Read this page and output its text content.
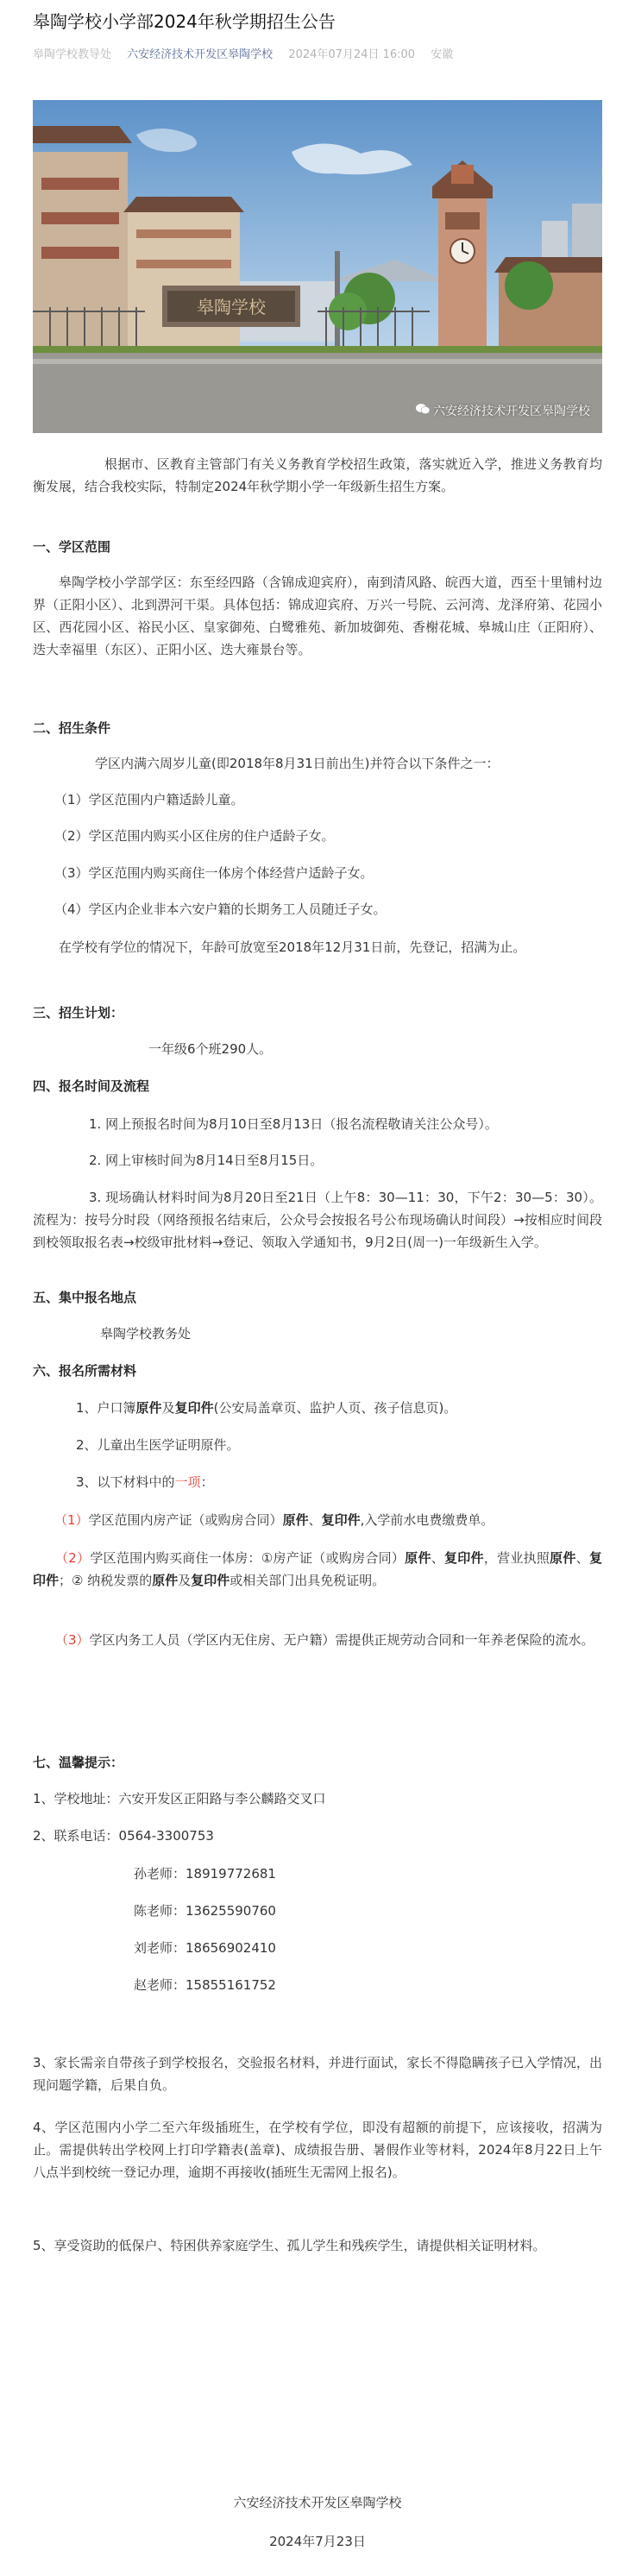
皋陶学校小学部2024年秋学期招生公告
皋陶学校教导处 六安经济技术开发区皋陶学校 2024年07月24日 16:00 安徽
皋陶学校
六安经济技术开发区皋陶学校

根据市、区教育主管部门有关义务教育学校招生政策，落实就近入学，推进义务教育均衡发展，结合我校实际，特制定2024年秋学期小学一年级新生招生方案。

一、学区范围

皋陶学校小学部学区：东至经四路（含锦成迎宾府），南到清风路、皖西大道，西至十里铺村边界（正阳小区）、北到淠河干渠。具体包括：锦成迎宾府、万兴一号院、云河湾、龙泽府第、花园小区、西花园小区、裕民小区、皇家御苑、白鹭雅苑、新加坡御苑、香榭花城、皋城山庄（正阳府）、迭大幸福里（东区）、正阳小区、迭大雍景台等。

二、招生条件

学区内满六周岁儿童(即2018年8月31日前出生)并符合以下条件之一：

（1）学区范围内户籍适龄儿童。

（2）学区范围内购买小区住房的住户适龄子女。

（3）学区范围内购买商住一体房个体经营户适龄子女。

（4）学区内企业非本六安户籍的长期务工人员随迁子女。

在学校有学位的情况下，年龄可放宽至2018年12月31日前，先登记，招满为止。

三、招生计划：

一年级6个班290人。

四、报名时间及流程

1. 网上预报名时间为8月10日至8月13日（报名流程敬请关注公众号）。

2. 网上审核时间为8月14日至8月15日。

3. 现场确认材料时间为8月20日至21日（上午8：30—11：30，下午2：30—5：30）。流程为：按号分时段（网络预报名结束后，公众号会按报名号公布现场确认时间段）→按相应时间段到校领取报名表→校级审批材料→登记、领取入学通知书，9月2日(周一)一年级新生入学。

五、集中报名地点

皋陶学校教务处

六、报名所需材料

1、户口簿原件及复印件(公安局盖章页、监护人页、孩子信息页)。

2、儿童出生医学证明原件。

3、以下材料中的一项：

（1）学区范围内房产证（或购房合同）原件、复印件,入学前水电费缴费单。

（2）学区范围内购买商住一体房：①房产证（或购房合同）原件、复印件，营业执照原件、复印件；② 纳税发票的原件及复印件或相关部门出具免税证明。

（3）学区内务工人员（学区内无住房、无户籍）需提供正规劳动合同和一年养老保险的流水。

七、温馨提示：

1、学校地址：六安开发区正阳路与李公麟路交叉口

2、联系电话：0564-3300753

孙老师：18919772681

陈老师：13625590760

刘老师：18656902410

赵老师：15855161752

3、家长需亲自带孩子到学校报名，交验报名材料，并进行面试，家长不得隐瞒孩子已入学情况，出现问题学籍，后果自负。

4、学区范围内小学二至六年级插班生，在学校有学位，即没有超额的前提下，应该接收，招满为止。需提供转出学校网上打印学籍表(盖章)、成绩报告册、暑假作业等材料，2024年8月22日上午八点半到校统一登记办理，逾期不再接收(插班生无需网上报名)。

5、享受资助的低保户、特困供养家庭学生、孤儿学生和残疾学生，请提供相关证明材料。

六安经济技术开发区皋陶学校

2024年7月23日
